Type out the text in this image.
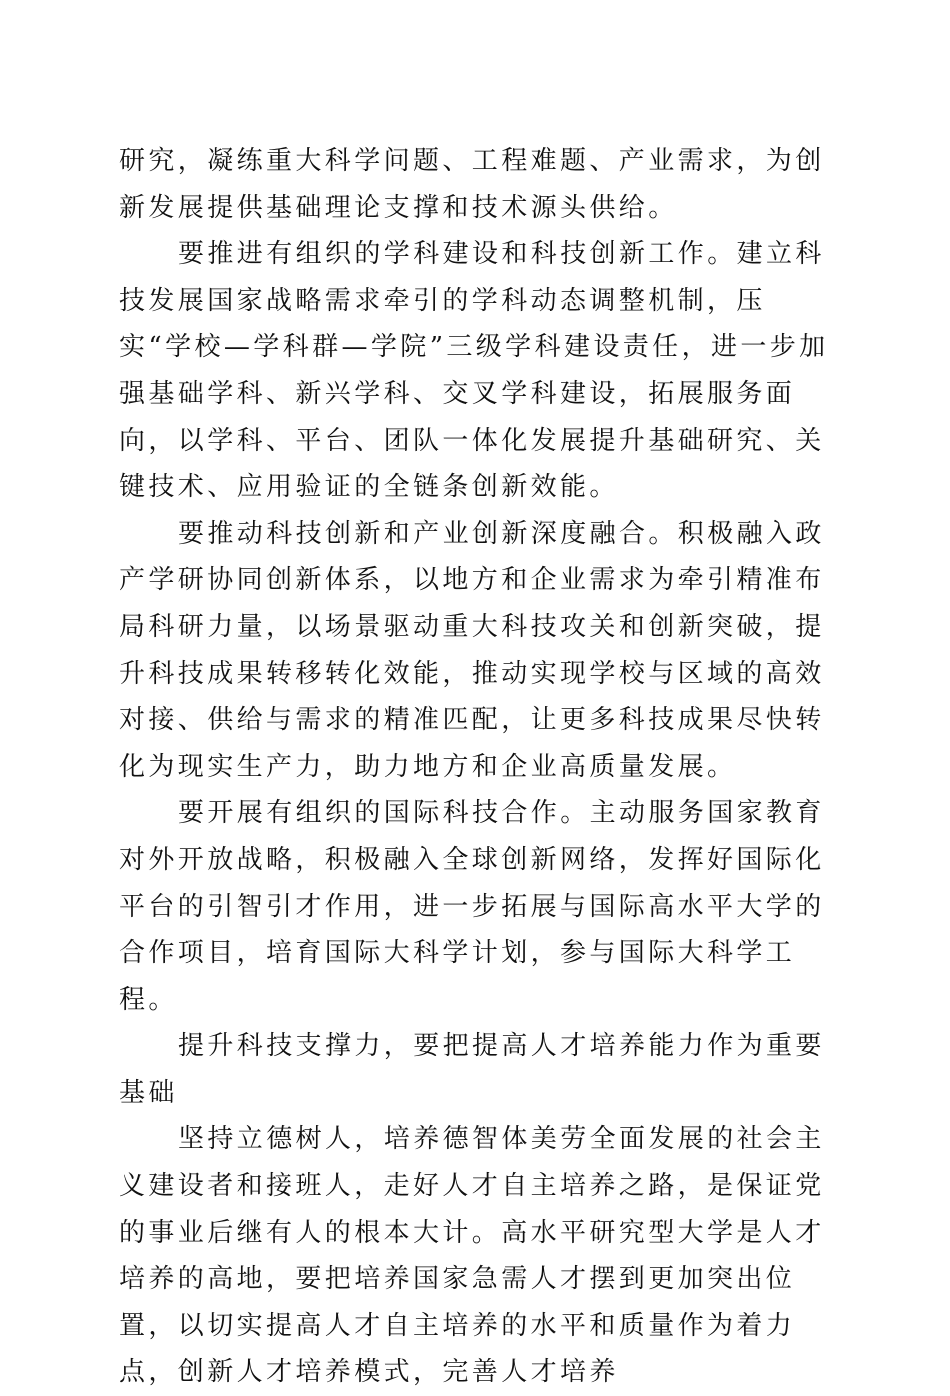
研究，凝练重大科学问题、工程难题、产业需求，为创新发展提供基础理论支撑和技术源头供给。

要推进有组织的学科建设和科技创新工作。建立科技发展国家战略需求牵引的学科动态调整机制，压实“学校—学科群—学院”三级学科建设责任，进一步加强基础学科、新兴学科、交叉学科建设，拓展服务面向，以学科、平台、团队一体化发展提升基础研究、关键技术、应用验证的全链条创新效能。

要推动科技创新和产业创新深度融合。积极融入政产学研协同创新体系，以地方和企业需求为牵引精准布局科研力量，以场景驱动重大科技攻关和创新突破，提升科技成果转移转化效能，推动实现学校与区域的高效对接、供给与需求的精准匹配，让更多科技成果尽快转化为现实生产力，助力地方和企业高质量发展。

要开展有组织的国际科技合作。主动服务国家教育对外开放战略，积极融入全球创新网络，发挥好国际化平台的引智引才作用，进一步拓展与国际高水平大学的合作项目，培育国际大科学计划，参与国际大科学工程。

提升科技支撑力，要把提高人才培养能力作为重要基础

坚持立德树人，培养德智体美劳全面发展的社会主义建设者和接班人，走好人才自主培养之路，是保证党的事业后继有人的根本大计。高水平研究型大学是人才培养的高地，要把培养国家急需人才摆到更加突出位置，以切实提高人才自主培养的水平和质量作为着力点，创新人才培养模式，完善人才培养
